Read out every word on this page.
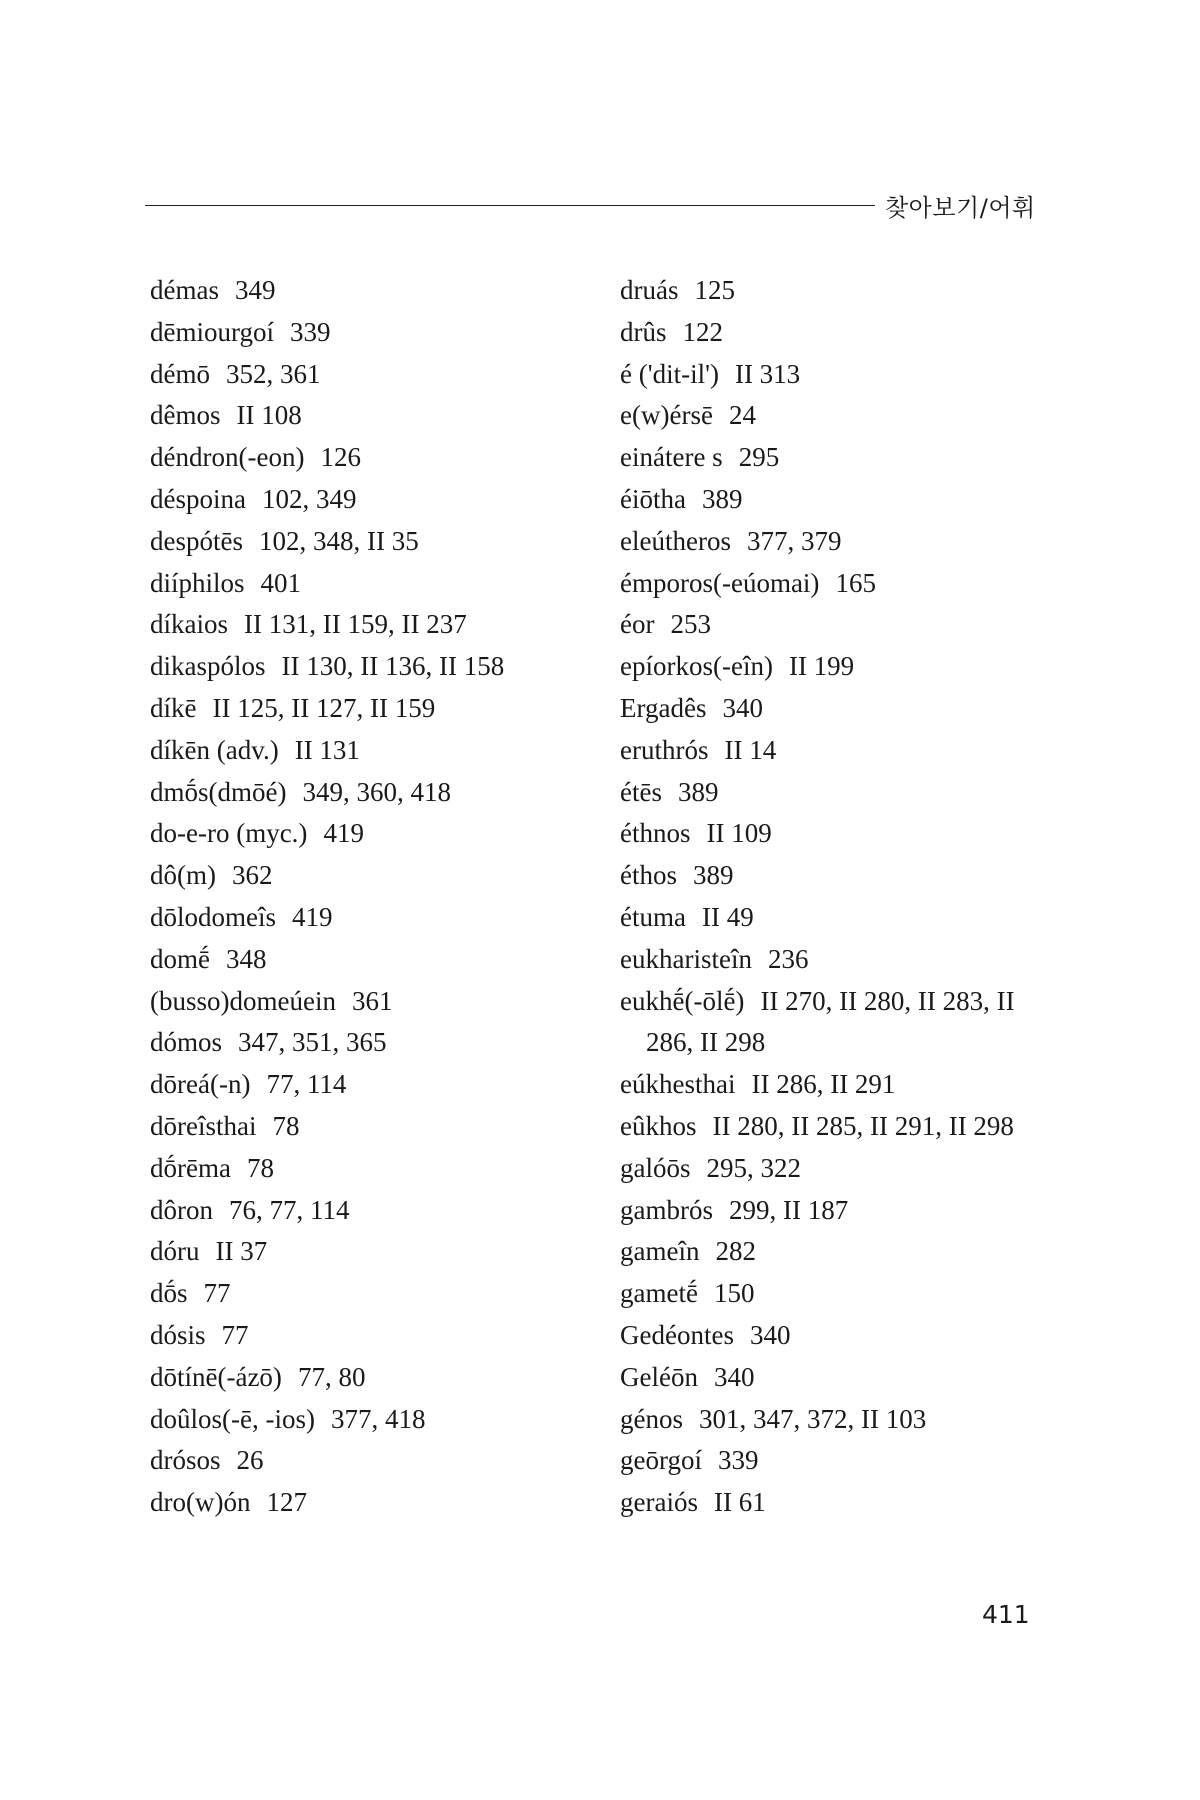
찾아보기/어휘
démas 349
dēmiourgoí 339
démō 352, 361
dêmos II 108
déndron(-eon) 126
déspoina 102, 349
despótēs 102, 348, II 35
diíphilos 401
díkaios II 131, II 159, II 237
dikaspólos II 130, II 136, II 158
díkē II 125, II 127, II 159
díkēn (adv.) II 131
dmṓs(dmōé) 349, 360, 418
do-e-ro (myc.) 419
dô(m) 362
dōlodomeîs 419
domḗ 348
(busso)domeúein 361
dómos 347, 351, 365
dōreá(-n) 77, 114
dōreîsthai 78
dṓrēma 78
dôron 76, 77, 114
dóru II 37
dṓs 77
dósis 77
dōtínē(-ázō) 77, 80
doûlos(-ē, -ios) 377, 418
drósos 26
dro(w)ón 127
druás 125
drûs 122
é ('dit-il') II 313
e(w)érsē 24
einátere s 295
éiōtha 389
eleútheros 377, 379
émporos(-eúomai) 165
éor 253
epíorkos(-eîn) II 199
Ergadês 340
eruthrós II 14
étēs 389
éthnos II 109
éthos 389
étuma II 49
eukharisteîn 236
eukhḗ(-ōlḗ) II 270, II 280, II 283, II 286, II 298
eúkhesthai II 286, II 291
eûkhos II 280, II 285, II 291, II 298
galóōs 295, 322
gambrós 299, II 187
gameîn 282
gametḗ 150
Gedéontes 340
Geléōn 340
génos 301, 347, 372, II 103
geōrgoí 339
geraiós II 61
411
